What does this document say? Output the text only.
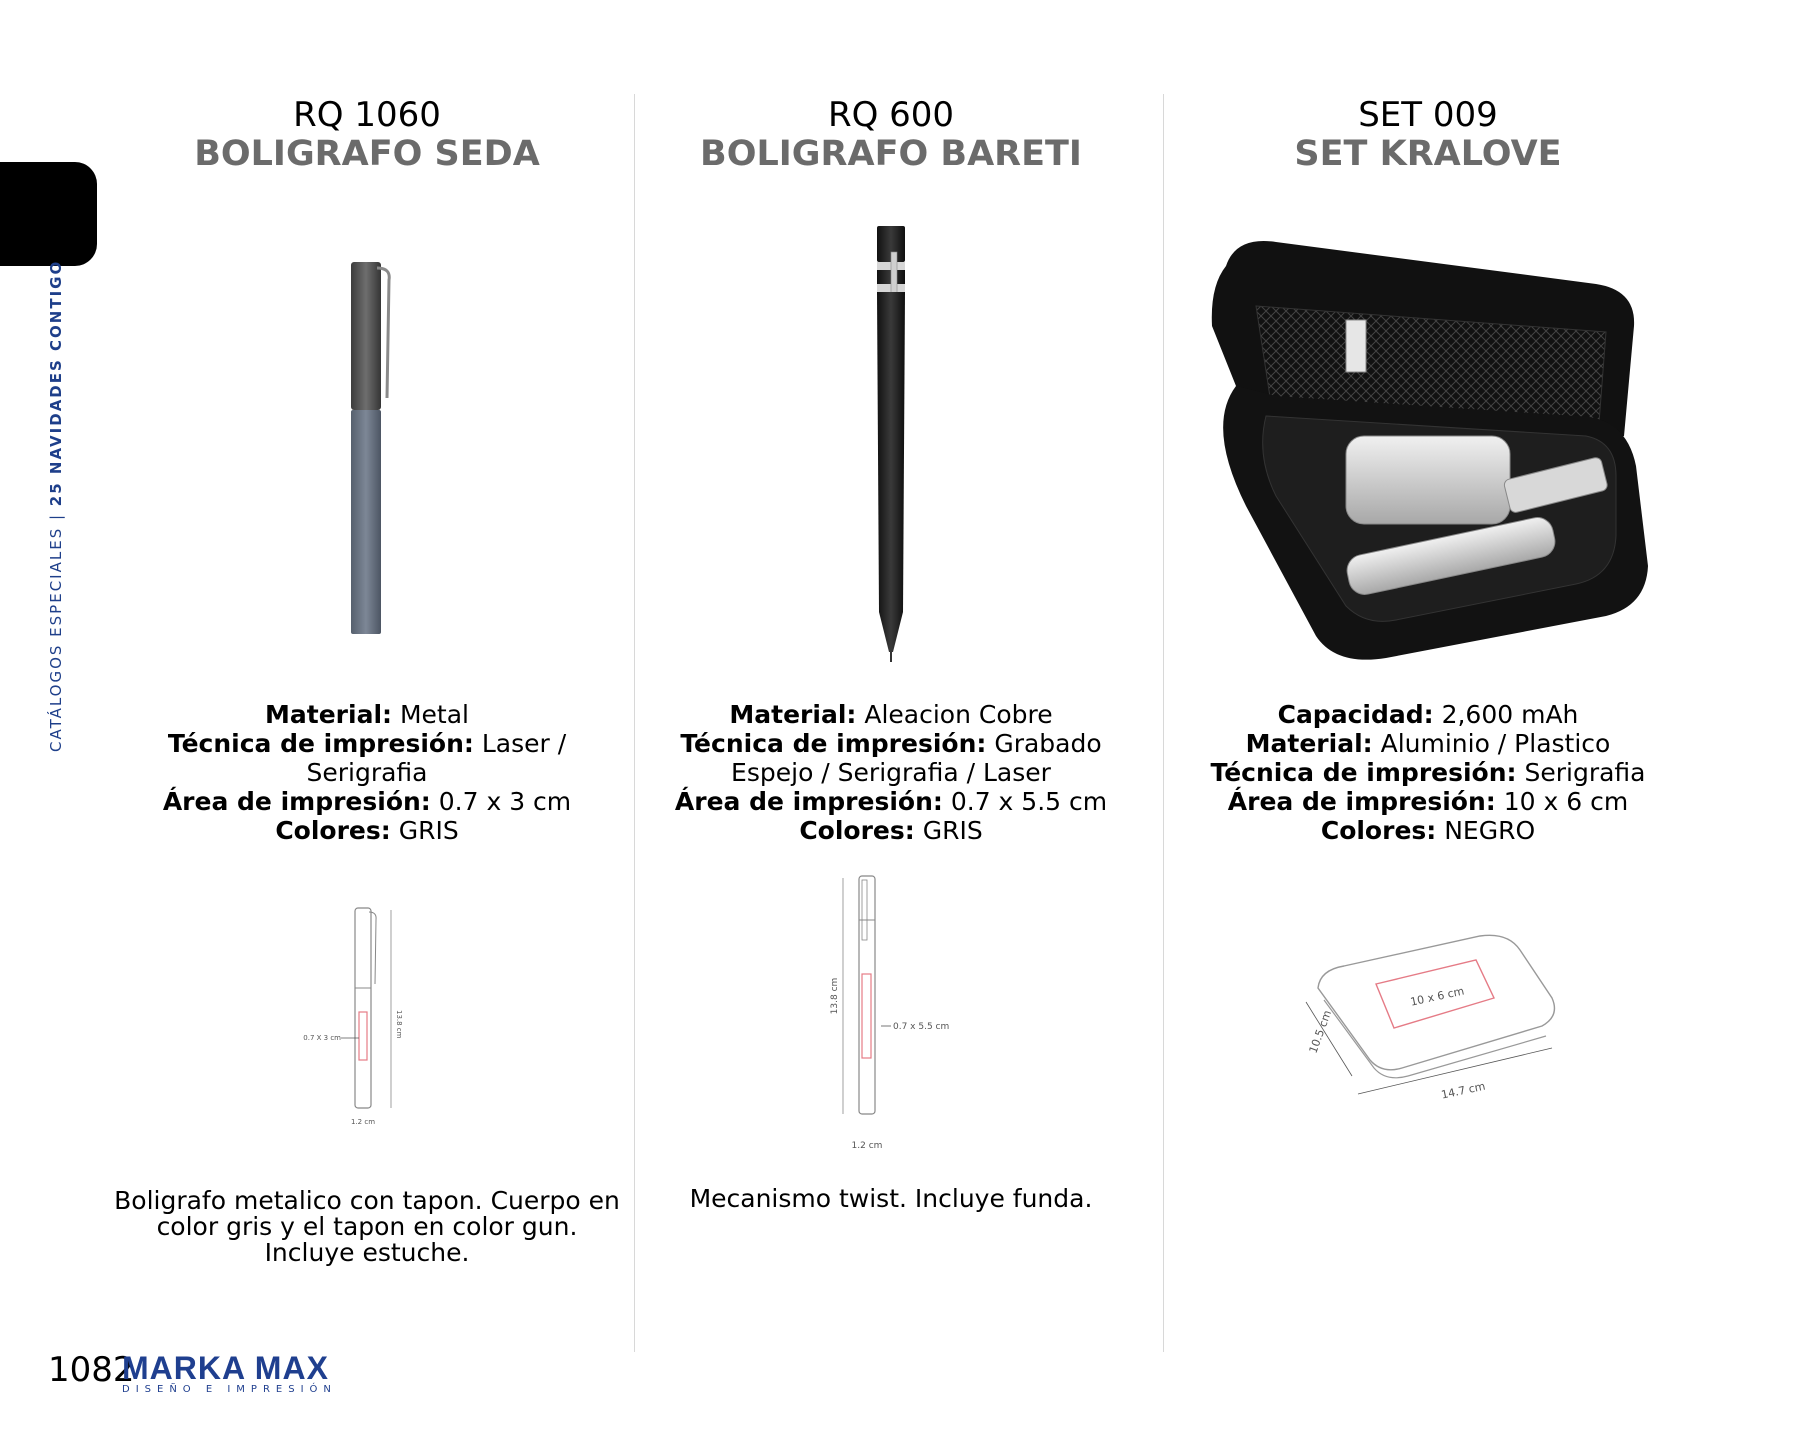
CATÁLOGOS ESPECIALES | 25 NAVIDADES CONTIGO
RQ 1060
BOLIGRAFO SEDA
Material: Metal
Técnica de impresión: Laser / Serigrafia
Área de impresión: 0.7 x 3 cm
Colores: GRIS
0.7 X 3 cm	13.8 cm
1.2 cm
Boligrafo metalico con tapon. Cuerpo en color gris y el tapon en color gun. Incluye estuche.
RQ 600
BOLIGRAFO BARETI
Material: Aleacion Cobre
Técnica de impresión: Grabado Espejo / Serigrafia / Laser
Área de impresión: 0.7 x 5.5 cm
Colores: GRIS
0.7 x 5.5 cm
13.8 cm
1.2 cm
Mecanismo twist. Incluye funda.
SET 009
SET KRALOVE
Capacidad: 2,600 mAh
Material: Aluminio / Plastico
Técnica de impresión: Serigrafia
Área de impresión: 10 x 6 cm
Colores: NEGRO
10 x 6 cm
10.5 cm
14.7 cm
1082
MARKA MAX
DISEÑO E IMPRESIÓN
